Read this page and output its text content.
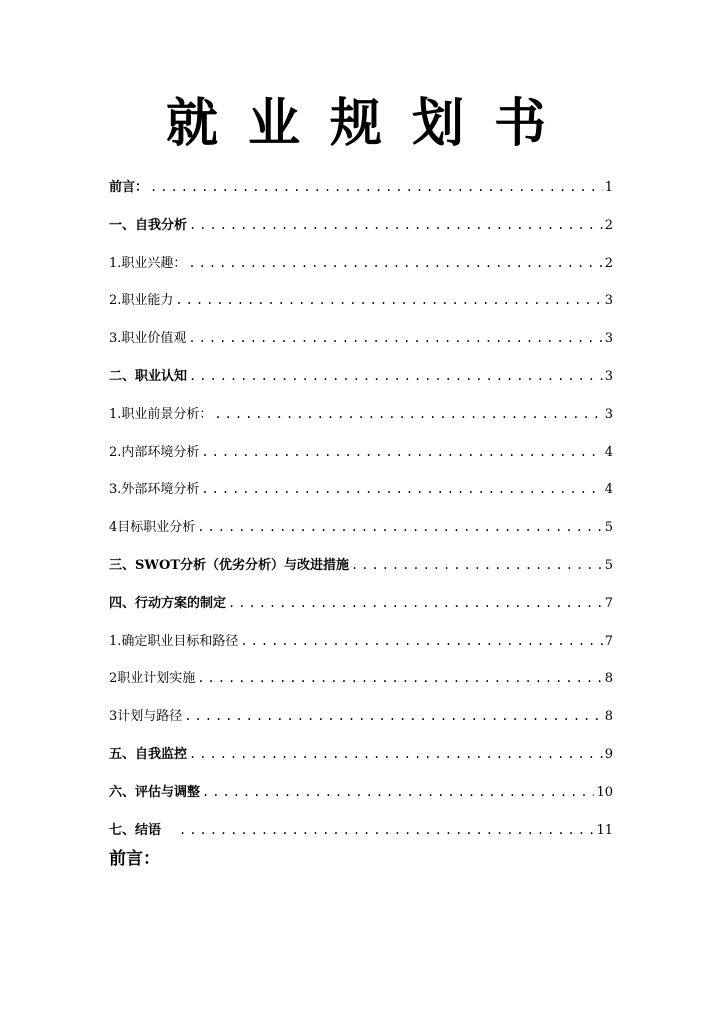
就业规划书
前言： .....	1
一、自我分析 .....	2
1.职业兴趣： .....	2
2.职业能力 .....	3
3.职业价值观 .....	3
二、职业认知 .....	3
1.职业前景分析： .....	3
2.内部环境分析 .....	4
3.外部环境分析 .....	4
4目标职业分析 .....	5
三、SWOT分析（优劣分析）与改进措施 .....	5
四、行动方案的制定 .....	7
1.确定职业目标和路径 .....	7
2职业计划实施 .....	8
3计划与路径 .....	8
五、自我监控 .....	9
六、评估与调整 .....	10
七、结语 .....	11
前言：
